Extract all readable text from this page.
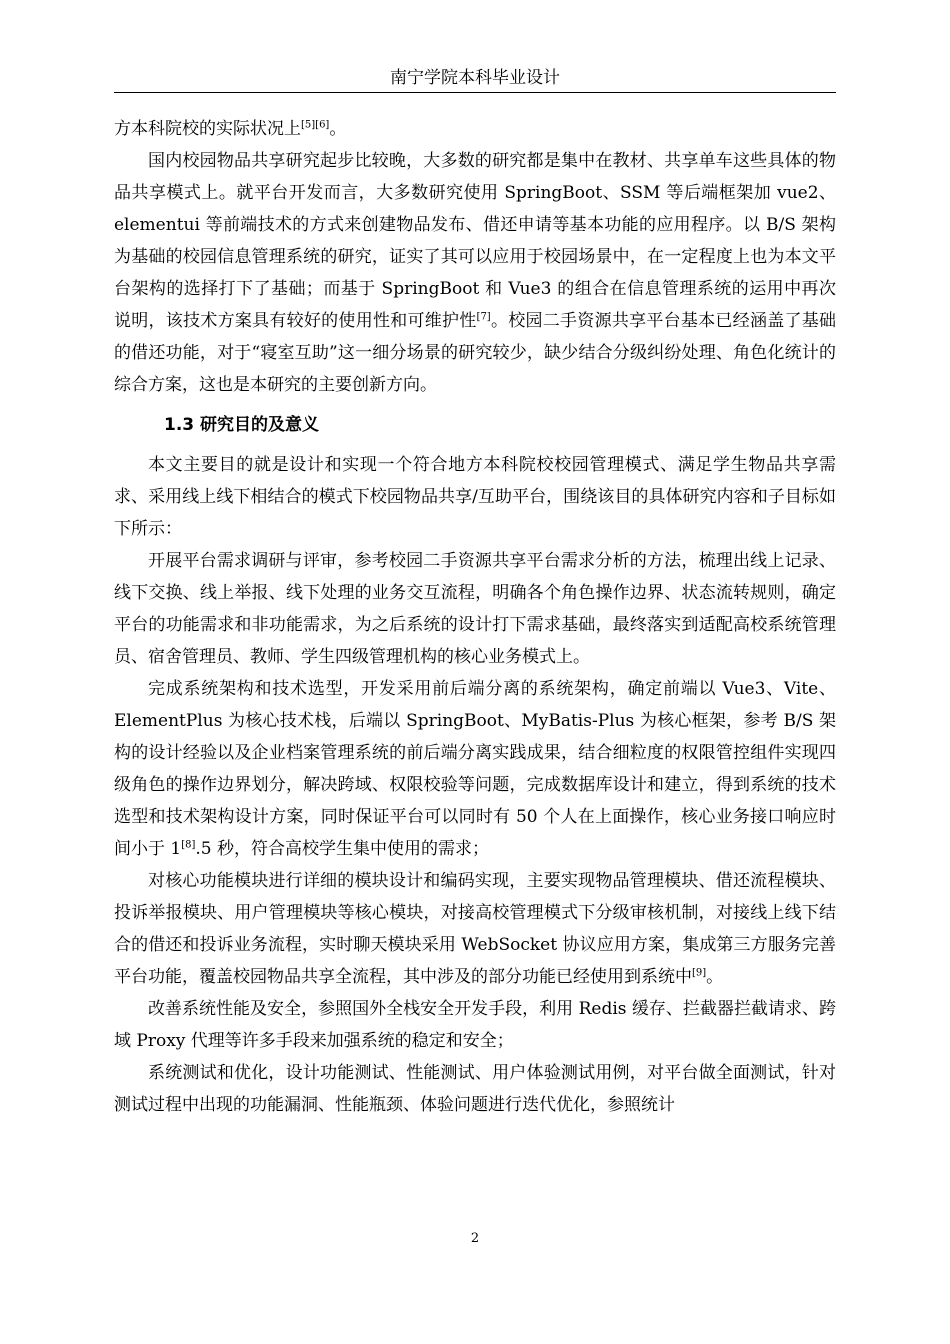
南宁学院本科毕业设计

方本科院校的实际状况上[5][6]。

国内校园物品共享研究起步比较晚，大多数的研究都是集中在教材、共享单车这些具体的物品共享模式上。就平台开发而言，大多数研究使用 SpringBoot、SSM 等后端框架加 vue2、elementui 等前端技术的方式来创建物品发布、借还申请等基本功能的应用程序。以 B/S 架构为基础的校园信息管理系统的研究，证实了其可以应用于校园场景中，在一定程度上也为本文平台架构的选择打下了基础；而基于 SpringBoot 和 Vue3 的组合在信息管理系统的运用中再次说明，该技术方案具有较好的使用性和可维护性[7]。校园二手资源共享平台基本已经涵盖了基础的借还功能，对于“寝室互助”这一细分场景的研究较少，缺少结合分级纠纷处理、角色化统计的综合方案，这也是本研究的主要创新方向。

1.3 研究目的及意义

本文主要目的就是设计和实现一个符合地方本科院校校园管理模式、满足学生物品共享需求、采用线上线下相结合的模式下校园物品共享/互助平台，围绕该目的具体研究内容和子目标如下所示：

开展平台需求调研与评审，参考校园二手资源共享平台需求分析的方法，梳理出线上记录、线下交换、线上举报、线下处理的业务交互流程，明确各个角色操作边界、状态流转规则，确定平台的功能需求和非功能需求，为之后系统的设计打下需求基础，最终落实到适配高校系统管理员、宿舍管理员、教师、学生四级管理机构的核心业务模式上。

完成系统架构和技术选型，开发采用前后端分离的系统架构，确定前端以 Vue3、Vite、ElementPlus 为核心技术栈，后端以 SpringBoot、MyBatis-Plus 为核心框架，参考 B/S 架构的设计经验以及企业档案管理系统的前后端分离实践成果，结合细粒度的权限管控组件实现四级角色的操作边界划分，解决跨域、权限校验等问题，完成数据库设计和建立，得到系统的技术选型和技术架构设计方案，同时保证平台可以同时有 50 个人在上面操作，核心业务接口响应时间小于 1[8].5 秒，符合高校学生集中使用的需求；

对核心功能模块进行详细的模块设计和编码实现，主要实现物品管理模块、借还流程模块、投诉举报模块、用户管理模块等核心模块，对接高校管理模式下分级审核机制，对接线上线下结合的借还和投诉业务流程，实时聊天模块采用 WebSocket 协议应用方案，集成第三方服务完善平台功能，覆盖校园物品共享全流程，其中涉及的部分功能已经使用到系统中[9]。

改善系统性能及安全，参照国外全栈安全开发手段，利用 Redis 缓存、拦截器拦截请求、跨域 Proxy 代理等许多手段来加强系统的稳定和安全；

系统测试和优化，设计功能测试、性能测试、用户体验测试用例，对平台做全面测试，针对测试过程中出现的功能漏洞、性能瓶颈、体验问题进行迭代优化，参照统计

2
